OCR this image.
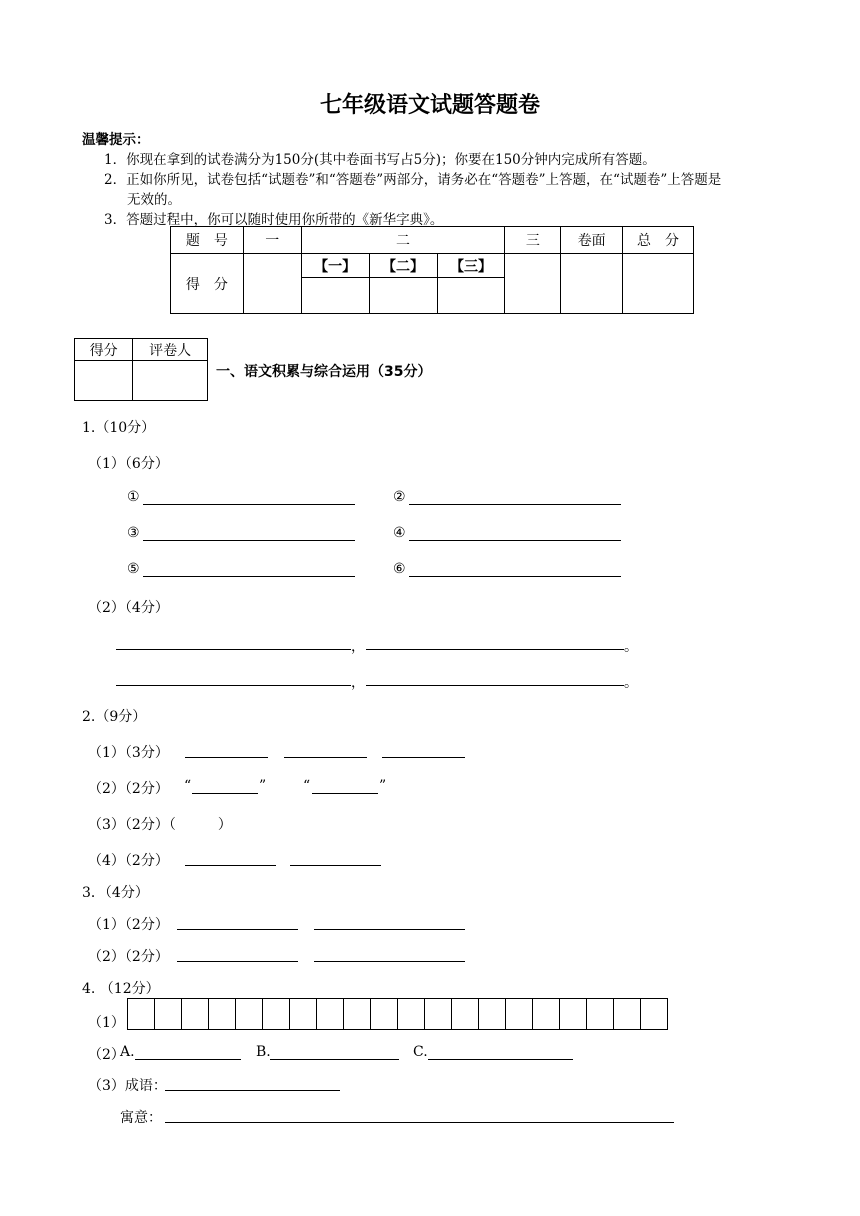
七年级语文试题答题卷
温馨提示：
1．你现在拿到的试卷满分为150分(其中卷面书写占5分)；你要在150分钟内完成所有答题。
2．正如你所见，试卷包括“试题卷”和“答题卷”两部分，请务必在“答题卷”上答题，在“试题卷”上答题是
无效的。
3．答题过程中，你可以随时使用你所带的《新华字典》。
题　号	一	二			三	卷面	总　分
得　分		【一】	【二】	【三】			

得分	评卷人

一、语文积累与综合运用（35分）
1.（10分）
（1）（6分）
①	②
③	④
⑤	⑥
（2）（4分）
，	。
，	。
2.（9分）
（1）（3分）
（2）（2分） “	”	“	”
（3）（2分）（　　　）
（4）（2分）
3．（4分）
（1）（2分）
（2）（2分）
4. （12分）
（1）
（2）
A.	B.	C.
（3）成语：
寓意：
